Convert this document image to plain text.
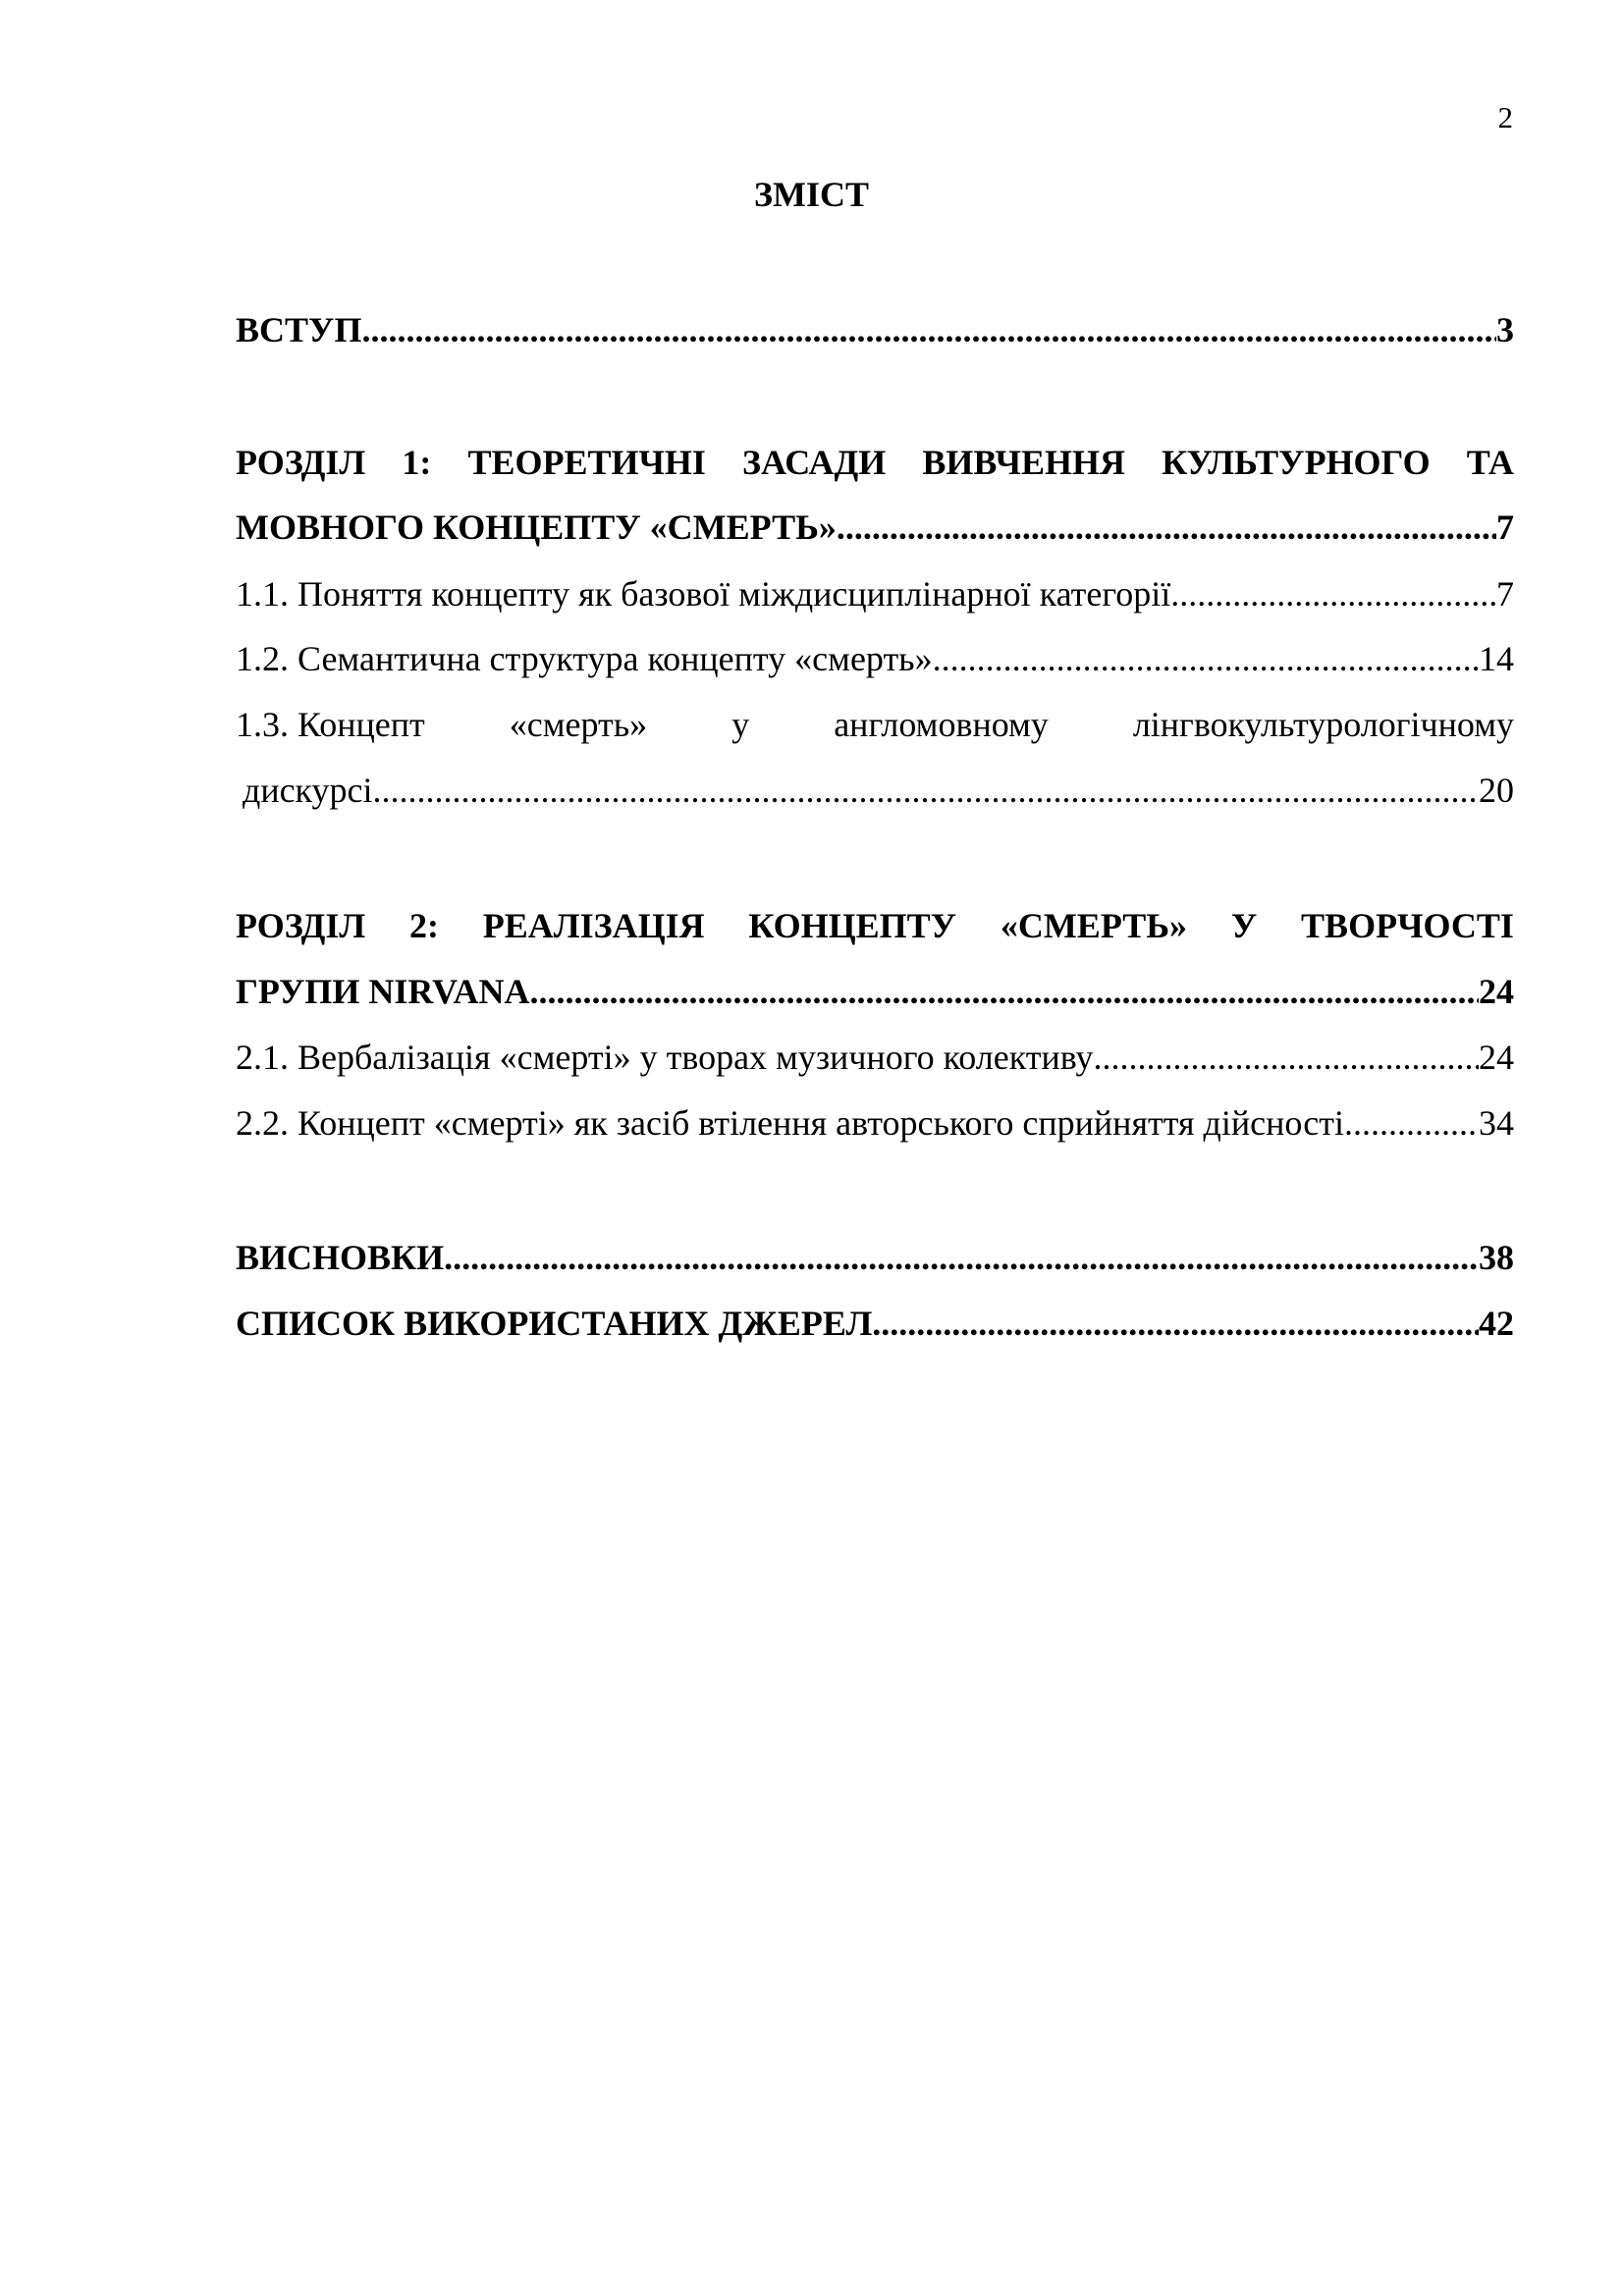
2
ЗМІСТ
ВСТУП .....	3
РОЗДІЛ 1: ТЕОРЕТИЧНІ ЗАСАДИ ВИВЧЕННЯ КУЛЬТУРНОГО ТА
МОВНОГО КОНЦЕПТУ «СМЕРТЬ» .....	7
1.1. Поняття концепту як базової міждисциплінарної категорії .....	7
1.2. Семантична структура концепту «смерть» .....	14
1.3. Концепт «смерть» у англомовному лінгвокультурологічному
дискурсі .....	20
РОЗДІЛ 2: РЕАЛІЗАЦІЯ КОНЦЕПТУ «СМЕРТЬ» У ТВОРЧОСТІ
ГРУПИ NIRVANA .....	24
2.1. Вербалізація «смерті» у творах музичного колективу .....	24
2.2. Концепт «смерті» як засіб втілення авторського сприйняття дійсності .....	34
ВИСНОВКИ .....	38
СПИСОК ВИКОРИСТАНИХ ДЖЕРЕЛ .....	42
